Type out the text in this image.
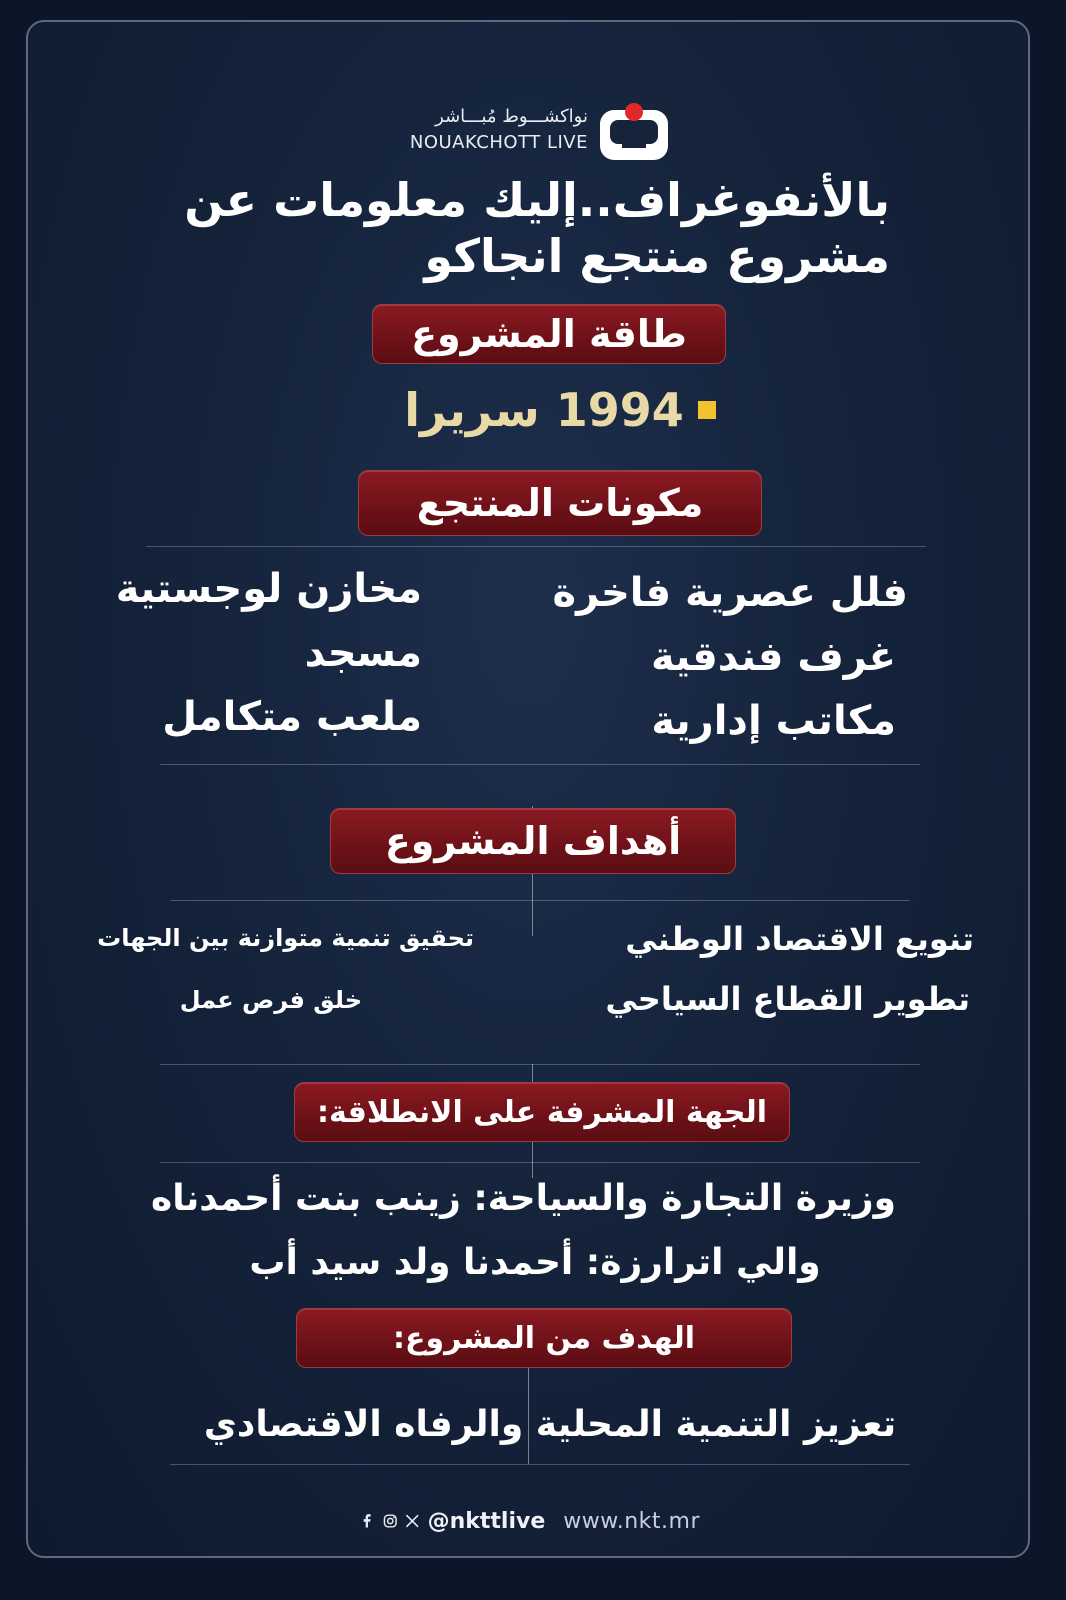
نواكشـــوط مُبـــاشر
NOUAKCHOTT LIVE
بالأنفوغراف..إليك معلومات عن
مشروع منتجع انجاكو
طاقة المشروع
1994 سريرا
مكونات المنتجع
فلل عصرية فاخرة
غرف فندقية
مكاتب إدارية
مخازن لوجستية
مسجد
ملعب متكامل
أهداف المشروع
تنويع الاقتصاد الوطني
تطوير القطاع السياحي
تحقيق تنمية متوازنة بين الجهات
خلق فرص عمل
الجهة المشرفة على الانطلاقة:
وزيرة التجارة والسياحة: زينب بنت أحمدناه
والي اترارزة: أحمدنا ولد سيد أب
الهدف من المشروع:
تعزيز التنمية المحلية والرفاه الاقتصادي
@nkttlive www.nkt.mr
